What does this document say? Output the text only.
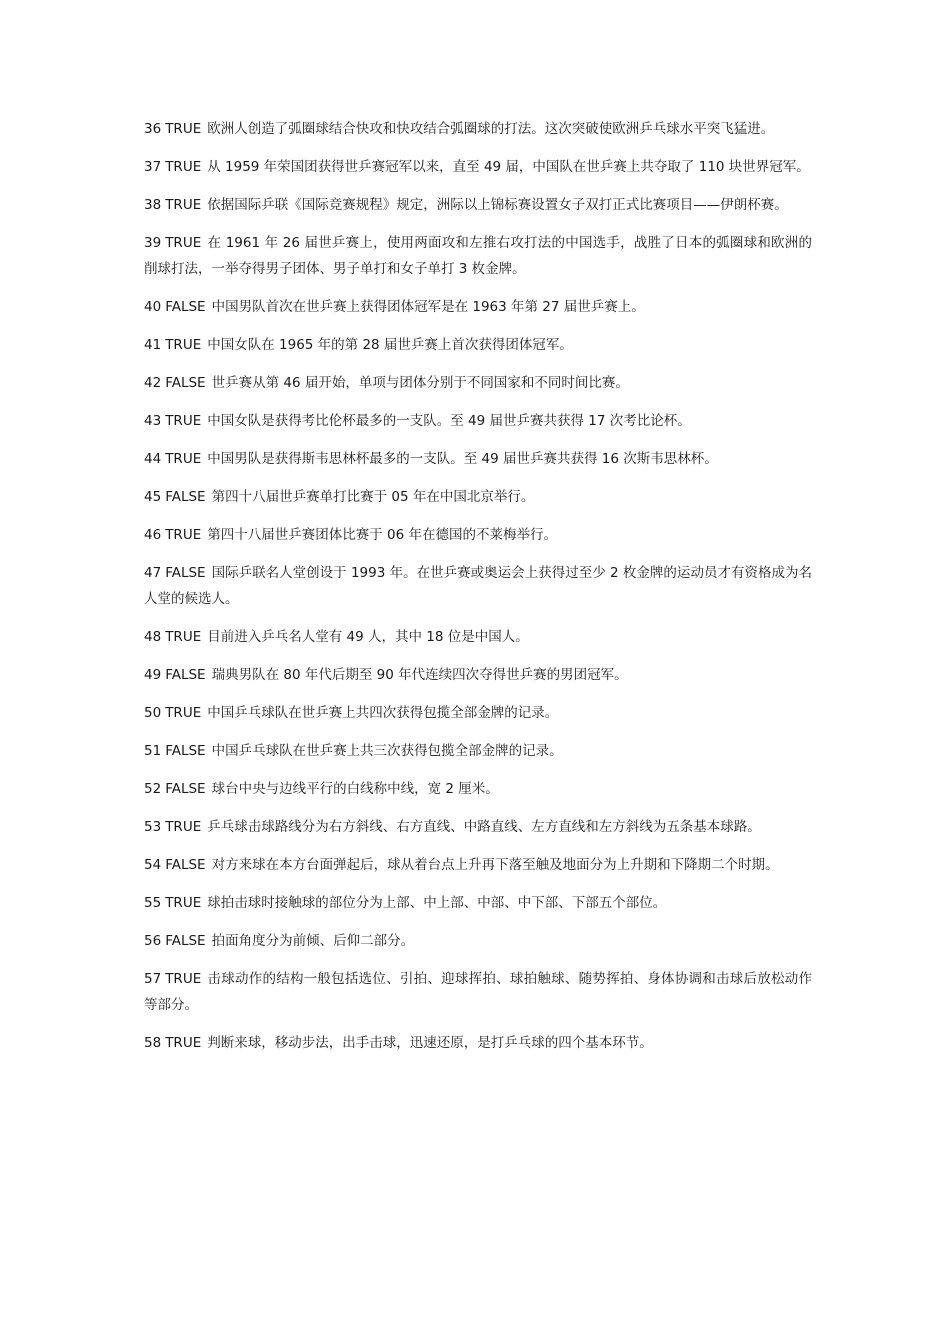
36 TRUE 欧洲人创造了弧圈球结合快攻和快攻结合弧圈球的打法。这次突破使欧洲乒乓球水平突飞猛进。

37 TRUE 从 1959 年荣国团获得世乒赛冠军以来，直至 49 届，中国队在世乒赛上共夺取了 110 块世界冠军。

38 TRUE 依据国际乒联《国际竞赛规程》规定，洲际以上锦标赛设置女子双打正式比赛项目——伊朗杯赛。

39 TRUE 在 1961 年 26 届世乒赛上，使用两面攻和左推右攻打法的中国选手，战胜了日本的弧圈球和欧洲的削球打法，一举夺得男子团体、男子单打和女子单打 3 枚金牌。

40 FALSE 中国男队首次在世乒赛上获得团体冠军是在 1963 年第 27 届世乒赛上。

41 TRUE 中国女队在 1965 年的第 28 届世乒赛上首次获得团体冠军。

42 FALSE 世乒赛从第 46 届开始，单项与团体分别于不同国家和不同时间比赛。

43 TRUE 中国女队是获得考比伦杯最多的一支队。至 49 届世乒赛共获得 17 次考比论杯。

44 TRUE 中国男队是获得斯韦思林杯最多的一支队。至 49 届世乒赛共获得 16 次斯韦思林杯。

45 FALSE 第四十八届世乒赛单打比赛于 05 年在中国北京举行。

46 TRUE 第四十八届世乒赛团体比赛于 06 年在德国的不莱梅举行。

47 FALSE 国际乒联名人堂创设于 1993 年。在世乒赛或奥运会上获得过至少 2 枚金牌的运动员才有资格成为名人堂的候选人。

48 TRUE 目前进入乒乓名人堂有 49 人，其中 18 位是中国人。

49 FALSE 瑞典男队在 80 年代后期至 90 年代连续四次夺得世乒赛的男团冠军。

50 TRUE 中国乒乓球队在世乒赛上共四次获得包揽全部金牌的记录。

51 FALSE 中国乒乓球队在世乒赛上共三次获得包揽全部金牌的记录。

52 FALSE 球台中央与边线平行的白线称中线，宽 2 厘米。

53 TRUE 乒乓球击球路线分为右方斜线、右方直线、中路直线、左方直线和左方斜线为五条基本球路。

54 FALSE 对方来球在本方台面弹起后，球从着台点上升再下落至触及地面分为上升期和下降期二个时期。

55 TRUE 球拍击球时接触球的部位分为上部、中上部、中部、中下部、下部五个部位。

56 FALSE 拍面角度分为前倾、后仰二部分。

57 TRUE 击球动作的结构一般包括选位、引拍、迎球挥拍、球拍触球、随势挥拍、身体协调和击球后放松动作等部分。

58 TRUE 判断来球，移动步法，出手击球，迅速还原，是打乒乓球的四个基本环节。
